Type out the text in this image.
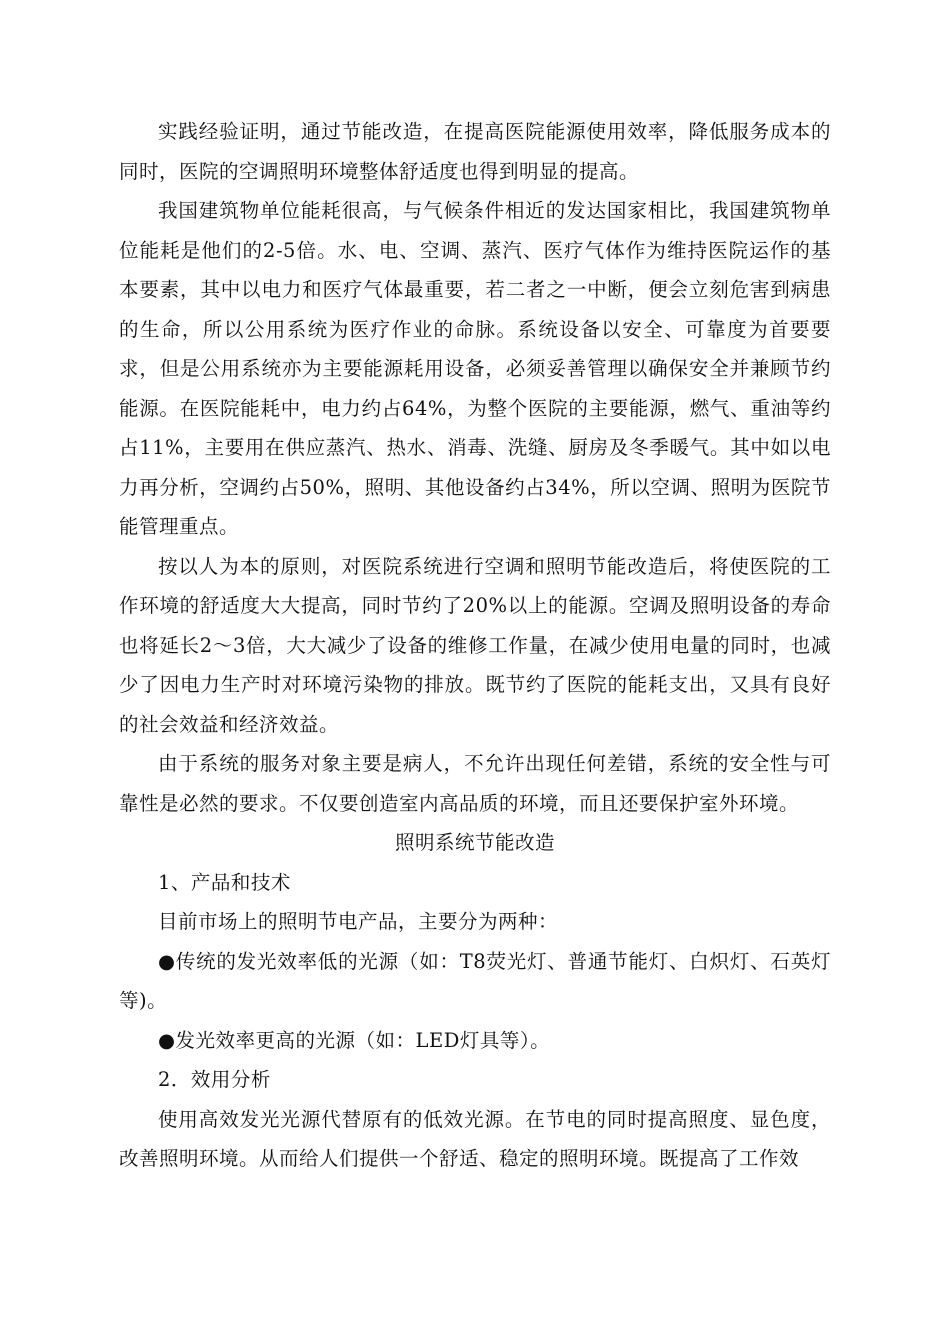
实践经验证明，通过节能改造，在提高医院能源使用效率，降低服务成本的同时，医院的空调照明环境整体舒适度也得到明显的提高。

我国建筑物单位能耗很高，与气候条件相近的发达国家相比，我国建筑物单位能耗是他们的2-5倍。水、电、空调、蒸汽、医疗气体作为维持医院运作的基本要素，其中以电力和医疗气体最重要，若二者之一中断，便会立刻危害到病患的生命，所以公用系统为医疗作业的命脉。系统设备以安全、可靠度为首要要求，但是公用系统亦为主要能源耗用设备，必须妥善管理以确保安全并兼顾节约能源。在医院能耗中，电力约占64%，为整个医院的主要能源，燃气、重油等约占11%，主要用在供应蒸汽、热水、消毒、洗缝、厨房及冬季暖气。其中如以电力再分析，空调约占50%，照明、其他设备约占34%，所以空调、照明为医院节能管理重点。

按以人为本的原则，对医院系统进行空调和照明节能改造后，将使医院的工作环境的舒适度大大提高，同时节约了20%以上的能源。空调及照明设备的寿命也将延长2～3倍，大大减少了设备的维修工作量，在减少使用电量的同时，也减少了因电力生产时对环境污染物的排放。既节约了医院的能耗支出，又具有良好的社会效益和经济效益。

由于系统的服务对象主要是病人，不允许出现任何差错，系统的安全性与可靠性是必然的要求。不仅要创造室内高品质的环境，而且还要保护室外环境。

照明系统节能改造

1、产品和技术

目前市场上的照明节电产品，主要分为两种：

●传统的发光效率低的光源（如：T8荧光灯、普通节能灯、白炽灯、石英灯等)。

●发光效率更高的光源（如：LED灯具等）。

2．效用分析

使用高效发光光源代替原有的低效光源。在节电的同时提高照度、显色度，改善照明环境。从而给人们提供一个舒适、稳定的照明环境。既提高了工作效
